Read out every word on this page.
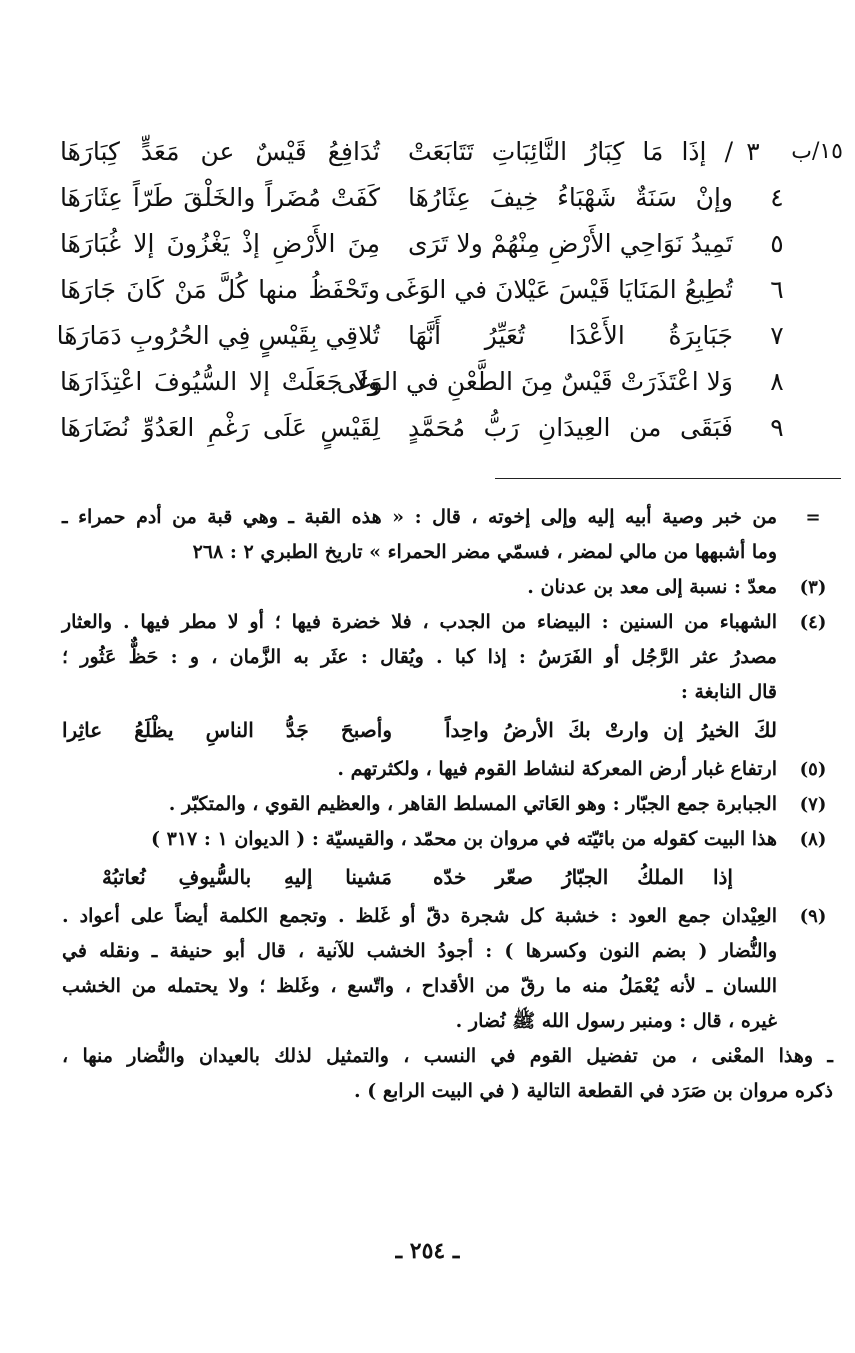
١٥/ب
٣
/ إذَا مَا كِبَارُ النَّائِبَاتِ تَتَابَعَتْ
تُدَافِعُ قَيْسٌ عن مَعَدٍّ كِبَارَهَا
٤
وإنْ سَنَةٌ شَهْبَاءُ خِيفَ عِثَارُهَا
كَفَتْ مُضَراً والخَلْقَ طَرّاً عِثَارَهَا
٥
تَمِيدُ نَوَاحِي الأَرْضِ مِنْهُمْ ولا تَرَى
مِنَ الأَرْضِ إذْ يَغْزُونَ إلا غُبَارَهَا
٦
تُطِيعُ المَنَايَا قَيْسَ عَيْلانَ في الوَغَى
وتَحْفَظُ منها كُلَّ مَنْ كَانَ جَارَهَا
٧
جَبَابِرَةُ الأَعْدَا تُعَيِّرُ أَنَّهَا
تُلاقِي بِقَيْسٍ فِي الحُرُوبِ دَمَارَهَا
٨
وَلا اعْتَذَرَتْ قَيْسٌ مِنَ الطَّعْنِ في الوَغَى
ولا جَعَلَتْ إلا السُّيُوفَ اعْتِذَارَهَا
٩
فَبَقَى من العِيدَانِ رَبُّ مُحَمَّدٍ
لِقَيْسٍ عَلَى رَغْمِ العَدُوِّ نُضَارَهَا
=
من خبر وصية أبيه إليه وإلى إخوته ، قال : « هذه القبة ـ وهي قبة من أدم حمراء ـ
وما أشبهها من مالي لمضر ، فسمّي مضر الحمراء » تاريخ الطبري ٢ : ٢٦٨
(٣)
معدّ : نسبة إلى معد بن عدنان .
(٤)
الشهباء من السنين : البيضاء من الجدب ، فلا خضرة فيها ؛ أو لا مطر فيها . والعثار
مصدرُ عثر الرَّجُل أو الفَرَسُ : إذا كبا . ويُقال : عثَر به الزَّمان ، و : حَظٌّ عَثُور ؛
قال النابغة :
لكَ الخيرُ إن وارتْ بكَ الأرضُ واحِداً
وأصبحَ جَدُّ الناسِ يظْلَعُ عاثِرا
(٥)
ارتفاع غبار أرض المعركة لنشاط القوم فيها ، ولكثرتهم .
(٧)
الجبابرة جمع الجبّار : وهو العَاتي المسلط القاهر ، والعظيم القوي ، والمتكبّر .
(٨)
هذا البيت كقوله من بائيّته في مروان بن محمّد ، والقيسيّة : ( الديوان ١ : ٣١٧ )
إذا الملكُ الجبّارُ صعّر خدّه
مَشينا إليهِ بالسُّيوفِ نُعاتبُهْ
(٩)
العِيْدان جمع العود : خشبة كل شجرة دقّ أو غَلظ . وتجمع الكلمة أيضاً على أعواد .
والنُّضار ( بضم النون وكسرها ) : أجودُ الخشب للآنية ، قال أبو حنيفة ـ ونقله في
اللسان ـ لأنه يُعْمَلُ منه ما رقّ من الأقداح ، واتّسع ، وغَلظ ؛ ولا يحتمله من الخشب
غيره ، قال : ومنبر رسول الله ﷺ نُضار .
ـ وهذا المعْنى ، من تفضيل القوم في النسب ، والتمثيل لذلك بالعيدان والنُّضار منها ،
ذكره مروان بن صَرَد في القطعة التالية ( في البيت الرابع ) .
ـ ٢٥٤ ـ
